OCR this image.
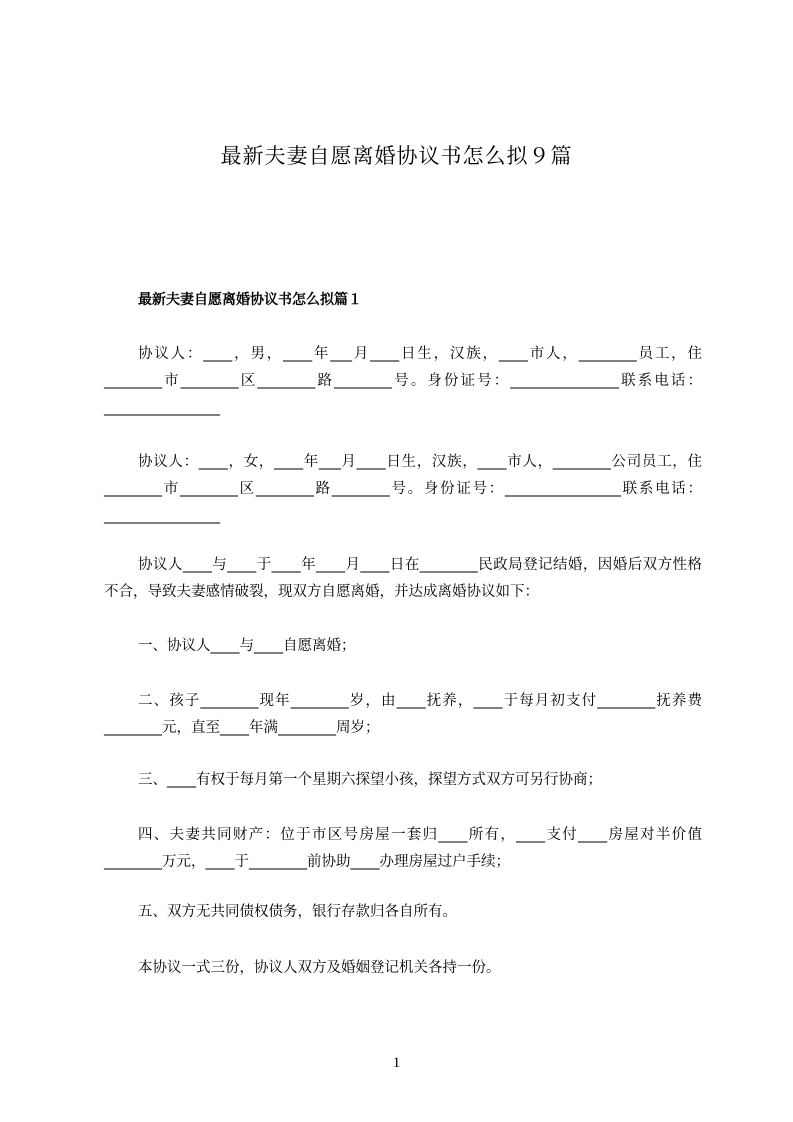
最新夫妻自愿离婚协议书怎么拟９篇
最新夫妻自愿离婚协议书怎么拟篇１

协议人：____，男，____年___月____日生，汉族，____市人，________员工，住________市________区________路________号。身份证号：_______________联系电话：________________

协议人：____，女，____年___月____日生，汉族，____市人，________公司员工，住________市________区________路________号。身份证号：________________联系电话：________________

协议人____与____于____年____月____日在________民政局登记结婚，因婚后双方性格不合，导致夫妻感情破裂，现双方自愿离婚，并达成离婚协议如下：

一、协议人____与____自愿离婚；

二、孩子________现年________岁，由____抚养，____于每月初支付________抚养费________元，直至____年满________周岁；

三、____有权于每月第一个星期六探望小孩，探望方式双方可另行协商；

四、夫妻共同财产：位于市区号房屋一套归____所有，____支付____房屋对半价值________万元，____于________前协助____办理房屋过户手续；

五、双方无共同债权债务，银行存款归各自所有。

本协议一式三份，协议人双方及婚姻登记机关各持一份。

1
